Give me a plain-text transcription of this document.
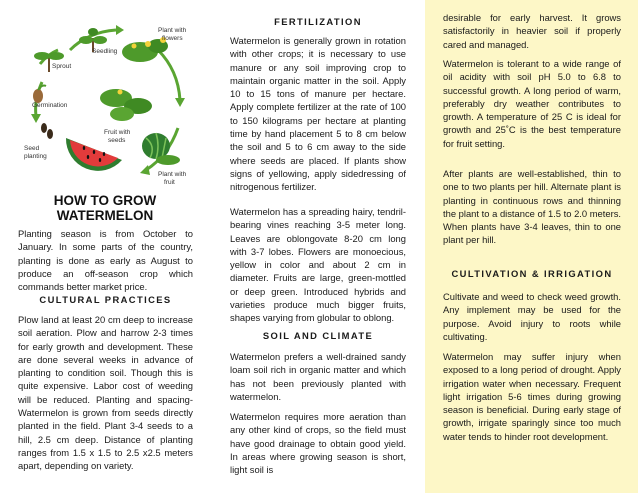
Seedling
Plant with
flowers
Sprout
Germination
Seed
planting
Fruit with
seeds
Plant with
fruit
HOW TO GROW
WATERMELON

Planting season is from October to January. In some parts of the country, planting is done as early as August to produce an off-season crop which commands better market price.

CULTURAL PRACTICES

Plow land at least 20 cm deep to increase soil aeration. Plow and harrow 2-3 times for early growth and development. These are done several weeks in advance of planting to condition soil. Though this is quite expensive. Labor cost of weeding will be reduced. Planting and spacing- Watermelon is grown from seeds directly planted in the field. Plant 3-4 seeds to a hill, 2.5 cm deep. Distance of planting ranges from 1.5 x 1.5 to 2.5 x2.5 meters apart, depending on variety.

FERTILIZATION

Watermelon is generally grown in rotation with other crops; it is necessary to use manure or any soil improving crop to maintain organic matter in the soil. Apply 10 to 15 tons of manure per hectare. Apply complete fertilizer at the rate of 100 to 150 kilograms per hectare at planting time by hand placement 5 to 8 cm below the soil and 5 to 6 cm away to the side where seeds are placed. If plants show signs of yellowing, apply sidedressing of nitrogenous fertilizer.

Watermelon has a spreading hairy, tendril-bearing vines reaching 3-5 meter long. Leaves are oblongovate 8-20 cm long with 3-7 lobes. Flowers are monoecious, yellow in color and about 2 cm in diameter. Fruits are large, green-mottled or deep green. Introduced hybrids and varieties produce much bigger fruits, shapes varying from globular to oblong.

SOIL AND CLIMATE

Watermelon prefers a well-drained sandy loam soil rich in organic matter and which has not been previously planted with watermelon.

Watermelon requires more aeration than any other kind of crops, so the field must have good drainage to obtain good yield. In areas where growing season is short, light soil is

desirable for early harvest. It grows satisfactorily in heavier soil if properly cared and managed.

Watermelon is tolerant to a wide range of oil acidity with soil pH 5.0 to 6.8 to successful growth. A long period of warm, preferably dry weather contributes to growth. A temperature of 25 C is ideal for growth and 25˚C is the best temperature for fruit setting.

After plants are well-established, thin to one to two plants per hill. Alternate plant is planting in continuous rows and thinning the plant to a distance of 1.5 to 2.0 meters. When plants have 3-4 leaves, thin to one plant per hill.

CULTIVATION & IRRIGATION

Cultivate and weed to check weed growth. Any implement may be used for the purpose. Avoid injury to roots while cultivating.

Watermelon may suffer injury when exposed to a long period of drought. Apply irrigation water when necessary. Frequent light irrigation 5-6 times during growing season is beneficial. During early stage of growth, irrigate sparingly since too much water tends to hinder root development.
